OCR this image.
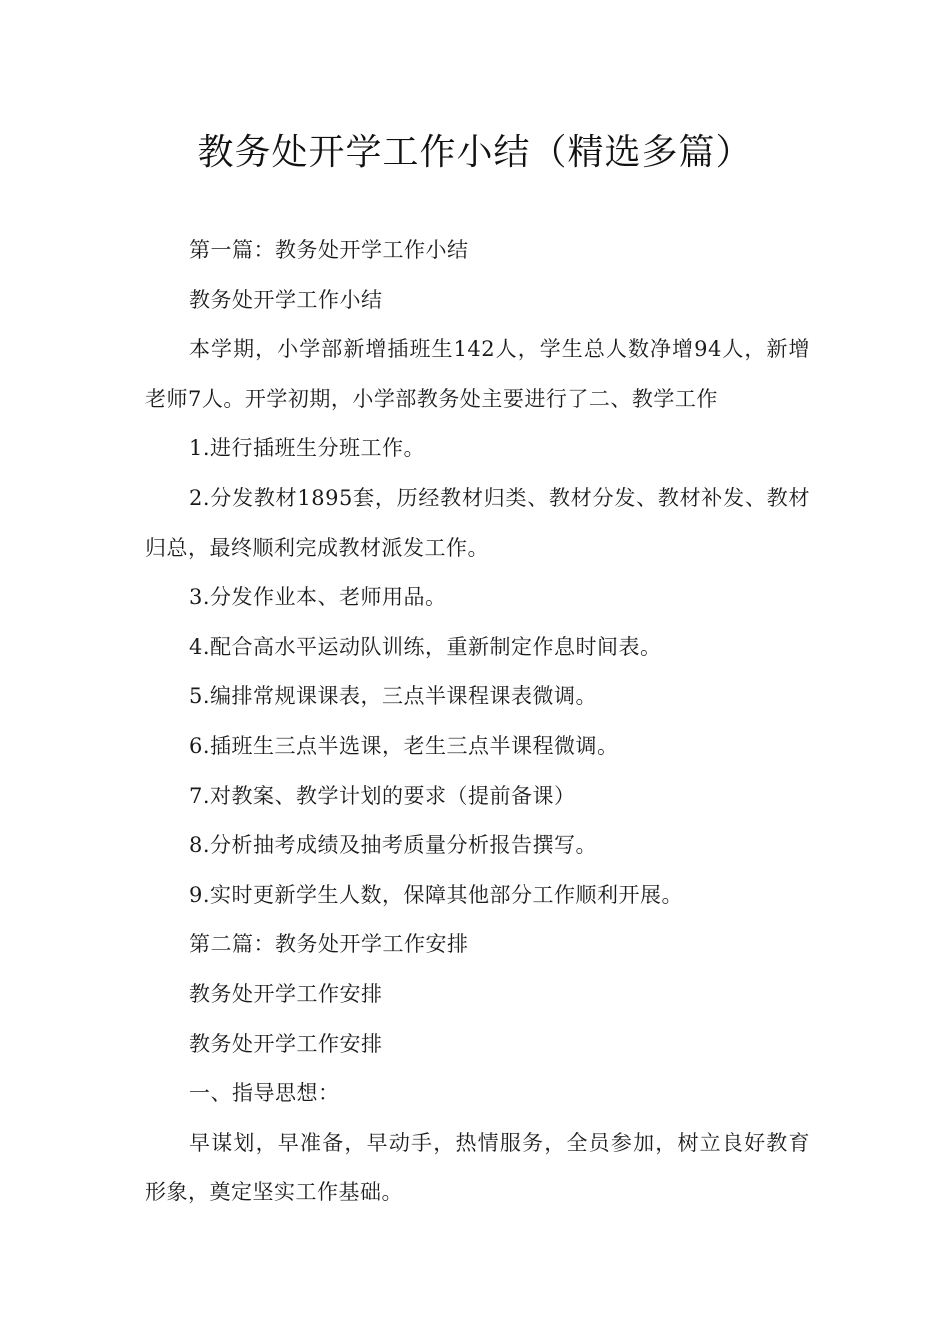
教务处开学工作小结（精选多篇）

第一篇：教务处开学工作小结

教务处开学工作小结

本学期，小学部新增插班生142人，学生总人数净增94人，新增老师7人。开学初期，小学部教务处主要进行了二、教学工作

1.进行插班生分班工作。

2.分发教材1895套，历经教材归类、教材分发、教材补发、教材归总，最终顺利完成教材派发工作。

3.分发作业本、老师用品。

4.配合高水平运动队训练，重新制定作息时间表。

5.编排常规课课表，三点半课程课表微调。

6.插班生三点半选课，老生三点半课程微调。

7.对教案、教学计划的要求（提前备课）

8.分析抽考成绩及抽考质量分析报告撰写。

9.实时更新学生人数，保障其他部分工作顺利开展。

第二篇：教务处开学工作安排

教务处开学工作安排

教务处开学工作安排

一、指导思想：

早谋划，早准备，早动手，热情服务，全员参加，树立良好教育形象，奠定坚实工作基础。
